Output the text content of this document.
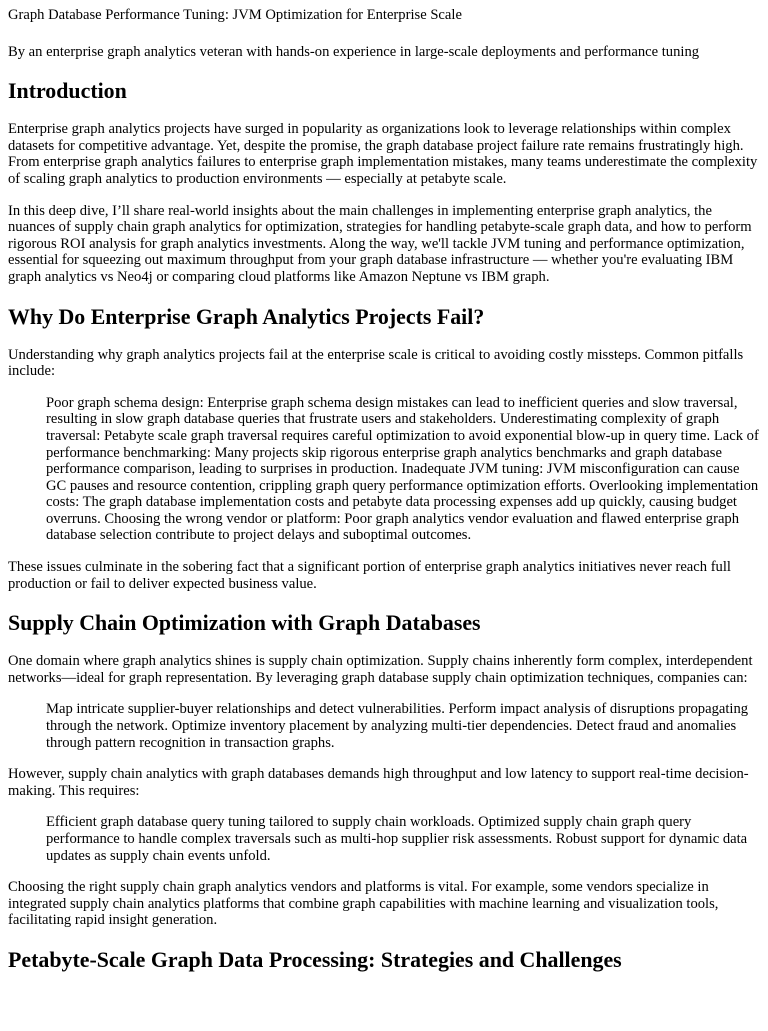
Graph Database Performance Tuning: JVM Optimization for Enterprise Scale
By an enterprise graph analytics veteran with hands-on experience in large-scale deployments and performance tuning
Introduction

Enterprise graph analytics projects have surged in popularity as organizations look to leverage relationships within complex datasets for competitive advantage. Yet, despite the promise, the graph database project failure rate remains frustratingly high. From enterprise graph analytics failures to enterprise graph implementation mistakes, many teams underestimate the complexity of scaling graph analytics to production environments — especially at petabyte scale.

In this deep dive, I’ll share real-world insights about the main challenges in implementing enterprise graph analytics, the nuances of supply chain graph analytics for optimization, strategies for handling petabyte-scale graph data, and how to perform rigorous ROI analysis for graph analytics investments. Along the way, we'll tackle JVM tuning and performance optimization, essential for squeezing out maximum throughput from your graph database infrastructure — whether you're evaluating IBM graph analytics vs Neo4j or comparing cloud platforms like Amazon Neptune vs IBM graph.

Why Do Enterprise Graph Analytics Projects Fail?

Understanding why graph analytics projects fail at the enterprise scale is critical to avoiding costly missteps. Common pitfalls include:

Poor graph schema design: Enterprise graph schema design mistakes can lead to inefficient queries and slow traversal, resulting in slow graph database queries that frustrate users and stakeholders. Underestimating complexity of graph traversal: Petabyte scale graph traversal requires careful optimization to avoid exponential blow-up in query time. Lack of performance benchmarking: Many projects skip rigorous enterprise graph analytics benchmarks and graph database performance comparison, leading to surprises in production. Inadequate JVM tuning: JVM misconfiguration can cause GC pauses and resource contention, crippling graph query performance optimization efforts. Overlooking implementation costs: The graph database implementation costs and petabyte data processing expenses add up quickly, causing budget overruns. Choosing the wrong vendor or platform: Poor graph analytics vendor evaluation and flawed enterprise graph database selection contribute to project delays and suboptimal outcomes.

These issues culminate in the sobering fact that a significant portion of enterprise graph analytics initiatives never reach full production or fail to deliver expected business value.

Supply Chain Optimization with Graph Databases

One domain where graph analytics shines is supply chain optimization. Supply chains inherently form complex, interdependent networks—ideal for graph representation. By leveraging graph database supply chain optimization techniques, companies can:

Map intricate supplier-buyer relationships and detect vulnerabilities. Perform impact analysis of disruptions propagating through the network. Optimize inventory placement by analyzing multi-tier dependencies. Detect fraud and anomalies through pattern recognition in transaction graphs.

However, supply chain analytics with graph databases demands high throughput and low latency to support real-time decision-making. This requires:

Efficient graph database query tuning tailored to supply chain workloads. Optimized supply chain graph query performance to handle complex traversals such as multi-hop supplier risk assessments. Robust support for dynamic data updates as supply chain events unfold.

Choosing the right supply chain graph analytics vendors and platforms is vital. For example, some vendors specialize in integrated supply chain analytics platforms that combine graph capabilities with machine learning and visualization tools, facilitating rapid insight generation.

Petabyte-Scale Graph Data Processing: Strategies and Challenges
